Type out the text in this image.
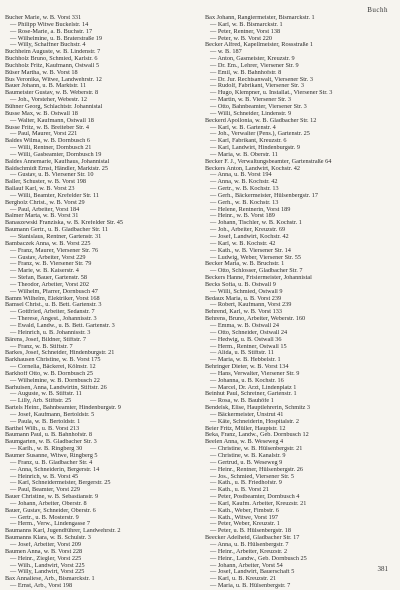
Buchh
Bucher Marie, w. B. Vorst 331
— Philipp Witwe Buckelstr. 14
— Rose-Marie, a. B. Buchstr. 17
— Wilhelmine, u. B. Braterstraße 19
— Willy, Schaffner Buchstr. 4
Buchheim Auguste, w. B. Lindenstr. 7
Buchholz Bruno, Schmied, Karlstr. 6
Buchholz Fritz, Kaufmann, Ostwall 5
Büser Martha, w. B. Vorst 18
Bus Veronika, Witwe, Landwehrstr. 12
Bauer Johann, u. B. Marktstr. 11
Baumeister Gustav, w. B. Weberstr. 8
— Joh., Vorsteher, Webestr. 12
Bühner Georg, Schlachtstr. Johannistal
Busse Max, w. B. Ostwall 18
— Walter, Kaufmann, Ostwall 18
Busse Fritz, w. B. Breiteber Str. 4
— Paul, Maurer, Vorst 221
Baldes Wilma, w. B. Dornbusch 6
— Willi, Rentner, Dornbusch 21
— Willi, Gasbeamter, Dornbusch 19
Baldes Annemarie, Kaufhaus, Johannistal
Baldschmidt Ernst, Händler, Marktstr. 25
— Gustav, u. B. Viersener Str. 10
Baller, Schuster, w. B. Vorst 198
Ballauf Karl, w. B. Vorst 23
— Willi, Beamter, Krefelder Str. 11
Bergholz Christ., w. B. Vorst 29
— Paul, Arbeiter, Vorst 184
Balmer Marta, w. B. Vorst 31
Banaszewski Franziska, w. B. Krefelder Str. 45
Baumann Gertr., u. B. Gladbacher Str. 11
— Stanislaus, Rentner, Gartenstr. 31
Bambaczek Anna, w. B. Vorst 225
— Franz, Maurer, Viersener Str. 76
— Gustav, Arbeiter, Vorst 229
— Franz, w. B. Viersener Str. 79
— Marie, w. B. Kaiserstr. 4
— Stefan, Bauer, Gartenstr. 58
— Theodor, Arbeiter, Vorst 202
— Wilhelm, Pfarrer, Dornbusch 47
Bamm Wilhelm, Elektriker, Vorst 168
Bamsel Christ., u. B. Bett. Gartenstr. 3
— Gottfried, Arbeiter, Sedanstr. 7
— Therese, Angest., Johannisstr. 3
— Ewald, Landw., u. B. Bett. Gartenstr. 3
— Heinrich, u. B. Johannisstr. 3
Bärens, Josef, Bildner, Stiftstr. 7
— Franz, w. B. Stiftstr. 7
Barkes, Josef, Schneider, Hindenburgstr. 21
Barkhausen Christine, w. B. Vorst 175
— Cornelia, Bäckerei, Kölnstr. 12
Barkhoff Otto, w. B. Dornbusch 25
— Wilhelmine, w. B. Dornbusch 22
Barhuisen, Anna, Landwirtin, Stiftstr. 26
— Auguste, w. B. Stiftstr. 11
— Lilly, Arb. Stiftstr. 25
Bartels Heinr., Bahnbeamter, Hindenburgstr. 9
— Josef, Kaufmann, Bertoldstr. 5
— Paula, w. B. Bertoldstr. 1
Barthel Wilh., u. B. Vorst 213
Baumann Paul, u. B. Bahnhofstr. 8
Baumgarten, w. B. Gladbacher Str. 3
— Karlh., w. B. Ringberg 30
Baumer Susanne, Witwe, Ringberg 5
— Franz, u. B. Gladbacher Str. 4
— Anna, Schneiderin, Bergerstr. 14
— Heinrich, w. B. Vorst 45
— Karl, Schneidermeister, Bergerstr. 25
— Paul, Beamter, Vorst 229
Bauer Christine, w. B. Sebastianstr. 9
— Johann, Arbeiter, Oberstr. 8
Bauer, Gustav, Schneider, Oberstr. 6
— Gertr., u. B. Mosterstr. 9
— Herm., Verw., Lindengasse 7
Baumanns Karl, Jugendführer, Landwehrstr. 2
Baumanns Klara, w. B. Schulstr. 3
— Josef, Arbeiter, Vorst 209
Baumen Anna, w. B. Vorst 228
— Heinr., Ziegler, Vorst 225
— Wilh., Landwirt, Vorst 225
— Willy, Landwirt, Vorst 225
Bax Annaliese, Arb., Bismarckstr. 1
— Ernst, Arb., Vorst 198
Bax Johann, Rangiermeister, Bismarckstr. 1
— Karl, w. B. Bismarckstr. 1
— Peter, Rentner, Vorst 138
— Peter, w. B. Vorst 220
Becker Alfred, Kapellmeister, Rossstraße 1
— w. B. 187
— Anton, Gasmeister, Kreuzstr. 9
— Dr. Em., Lehrer, Viersener Str. 9
— Emil, w. B. Bahnhofstr. 8
— Dr. Jur. Rechtsanwalt, Viersener Str. 3
— Rudolf, Fabrikant, Viersener Str. 3
— Hugo, Klempner, u. Installat., Viersener Str. 3
— Martin, w. B. Viersener Str. 3
— Otto, Bahnbeamter, Viersener Str. 3
— Willi, Schneider, Lindenstr. 9
Beckerd Apollonia, w. B. Gladbacher Str. 12
— Karl, w. B. Gartenstr. 4
— Joh., Verwalter (Pens.), Gartenstr. 25
— Karl, Fabrikant, Kreuzstr. 6
— Karl, Landwirt, Hindenburgstr. 9
— Maria, w. B. Oberstr. 11
Becker F. J., Verwaltungsbeamter, Gartenstraße 64
Beckers Anton, Landwirt, Kochstr. 42
— Anna, u. B. Vorst 194
— Anna, w. B. Kochstr. 42
— Gertr., w. B. Kochstr. 13
— Gerh., Bäckermeister, Hülsenbergstr. 17
— Gerh., w. B. Kochstr. 13
— Helene, Rentnerin, Vorst 189
— Heinr., w. B. Vorst 189
— Johann, Tischler, w. B. Kochstr. 1
— Joh., Arbeiter, Kreuzstr. 69
— Josef, Landwirt, Kochstr. 42
— Karl, w. B. Kochstr. 42
— Kath., w. B. Viersener Str. 14
— Ludwig, Weber, Viersener Str. 55
Becker Maria, w. B. Bruchstr. 1
— Otto, Schlosser, Gladbacher Str. 7
Beckers Hanne, Frisiermeister, Johannistal
Becks Sofia, u. B. Ostwall 9
— Willi, Schmied, Ostwall 9
Bedaux Maria, u. B. Vorst 239
— Robert, Kaufmann, Vorst 239
Behrend, Karl, w. B. Vorst 133
Behrens, Bruno, Arbeiter, Weberstr. 160
— Emma, w. B. Ostwall 24
— Otto, Schneider, Ostwall 24
— Hedwig, u. B. Ostwall 36
— Herm., Rentner, Ostwall 15
— Alida, u. B. Stiftstr. 11
— Maria, w. B. Hebbelstr. 1
Behringer Dieter, w. B. Vorst 134
— Hans, Verwalter, Viersener Str. 9
— Johanna, u. B. Kochstr. 16
— Marcel, Dr. Arzt, Lindenplatz 1
Beinhut Paul, Schreiner, Gartenstr. 1
— Rosa, w. B. Bauhöfe 1
Bendelsk, Elise, Hauptlehrerin, Schmitz 3
— Bäckermeister, Unstrut 41
— Käte, Schneiderin, Hospitalstr. 2
Beier Fritz, Müller, Hauptstr. 12
Beka, Franz, Landw., Geb. Dornbusch 12
Beelen Anna, w. B. Weseweg 4
— Christine, w. B. Hülsenbergstr. 21
— Christine, w. B. Kanalstr. 9
— Gertrud, u. B. Weseweg 9
— Heinr., Rentner, Hülsenbergstr. 26
— Jos., Schmied, Viersener Str. 5
— Kath., u. B. Friedhofstr. 9
— Kath., u. B. Vorst 21
— Peter, Postbeamter, Dornbusch 4
— Karl, Kaufm. Arbeiter, Kreuzstr. 21
— Kath., Weber, Fimbstr. 6
— Kath., Witwe, Vorst 197
— Peter, Weber, Kreuzstr. 1
— Peter, u. B. Hülsenbergstr. 18
Beecker Adelheid, Gladbacher Str. 17
— Anna, u. B. Hülsenbergstr. 7
— Heinr., Arbeiter, Kreuzstr. 2
— Heinr., Landw., Geb. Dornbusch 25
— Johann, Arbeiter, Vorst 54
— Josef, Landwirt, Bauerschaft 5
— Karl, u. B. Kreuzstr. 21
— Maria, u. B. Hülsenbergstr. 7
381
